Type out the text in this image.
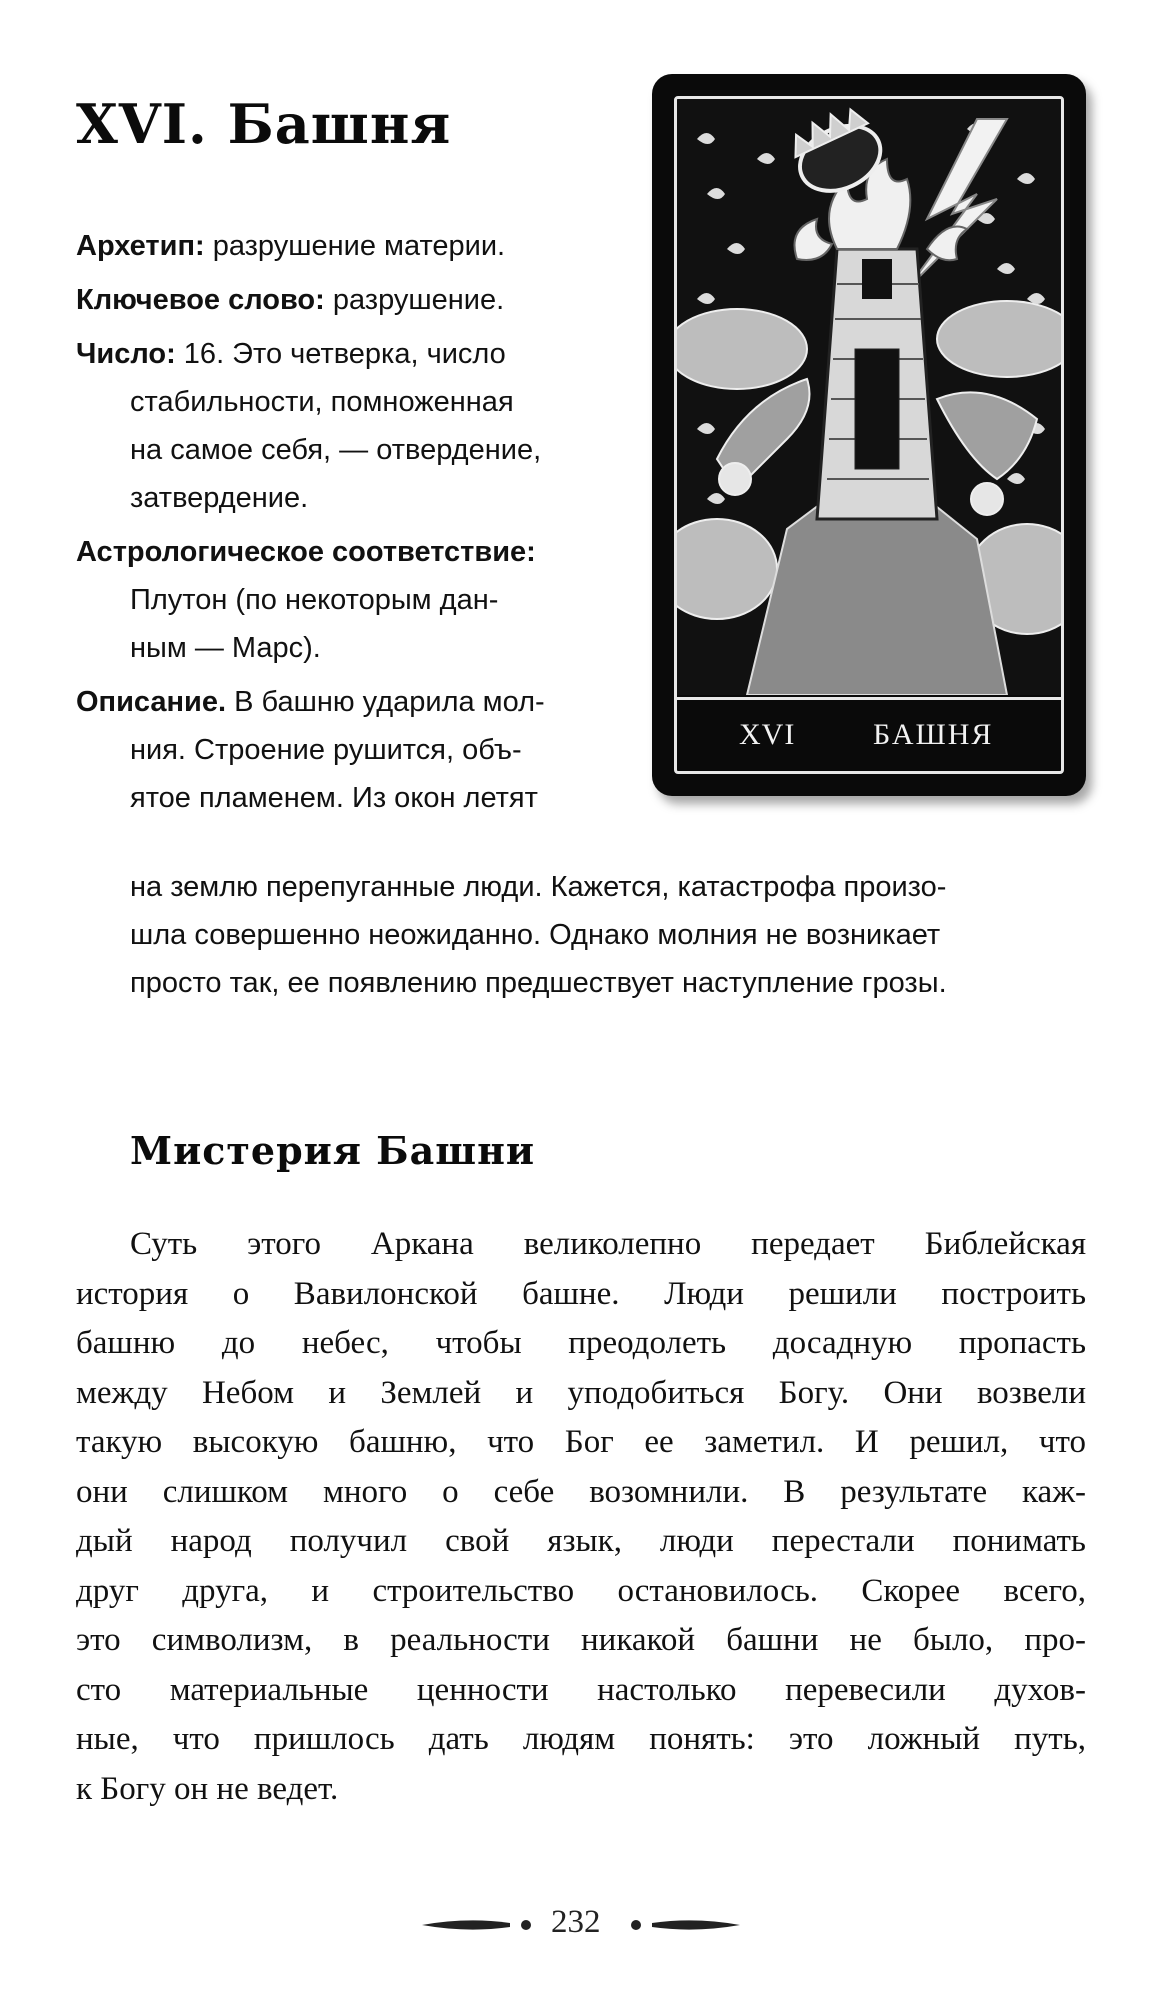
XVI. Башня

Архетип: разрушение материи.

Ключевое слово: разрушение.

Число: 16. Это четверка, число
стабильности, помноженная
на самое себя, — отвердение,
затвердение.

Астрологическое соответствие:
Плутон (по некоторым дан-
ным — Марс).

Описание. В башню ударила мол-
ния. Строение рушится, объ-
ятое пламенем. Из окон летят

на землю перепуганные люди. Кажется, катастрофа произо-
шла совершенно неожиданно. Однако молния не возникает
просто так, ее появлению предшествует наступление грозы.
XVI	БАШНЯ
Мистерия Башни
Суть этого Аркана великолепно передает Библейская
история о Вавилонской башне. Люди решили построить
башню до небес, чтобы преодолеть досадную пропасть
между Небом и Землей и уподобиться Богу. Они возвели
такую высокую башню, что Бог ее заметил. И решил, что
они слишком много о себе возомнили. В результате каж-
дый народ получил свой язык, люди перестали понимать
друг друга, и строительство остановилось. Скорее всего,
это символизм, в реальности никакой башни не было, про-
сто материальные ценности настолько перевесили духов-
ные, что пришлось дать людям понять: это ложный путь,
к Богу он не ведет.
232
